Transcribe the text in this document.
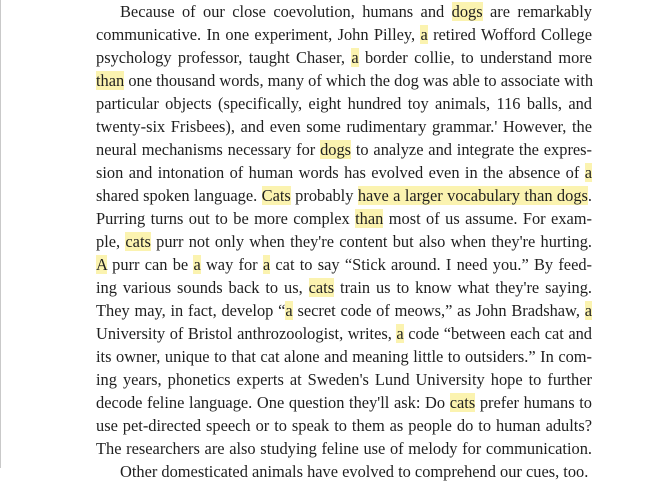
Because of our close coevolution, humans and dogs are remarkably
communicative. In one experiment, John Pilley, a retired Wofford College
psychology professor, taught Chaser, a border collie, to understand more
than one thousand words, many of which the dog was able to associate with
particular objects (specifically, eight hundred toy animals, 116 balls, and
twenty-six Frisbees), and even some rudimentary grammar.' However, the
neural mechanisms necessary for dogs to analyze and integrate the expres-
sion and intonation of human words has evolved even in the absence of a
shared spoken language. Cats probably have a larger vocabulary than dogs.
Purring turns out to be more complex than most of us assume. For exam-
ple, cats purr not only when they're content but also when they're hurting.
A purr can be a way for a cat to say “Stick around. I need you.” By feed-
ing various sounds back to us, cats train us to know what they're saying.
They may, in fact, develop “a secret code of meows,” as John Bradshaw, a
University of Bristol anthrozoologist, writes, a code “between each cat and
its owner, unique to that cat alone and meaning little to outsiders.” In com-
ing years, phonetics experts at Sweden's Lund University hope to further
decode feline language. One question they'll ask: Do cats prefer humans to
use pet-directed speech or to speak to them as people do to human adults?
The researchers are also studying feline use of melody for communication.
Other domesticated animals have evolved to comprehend our cues, too.
